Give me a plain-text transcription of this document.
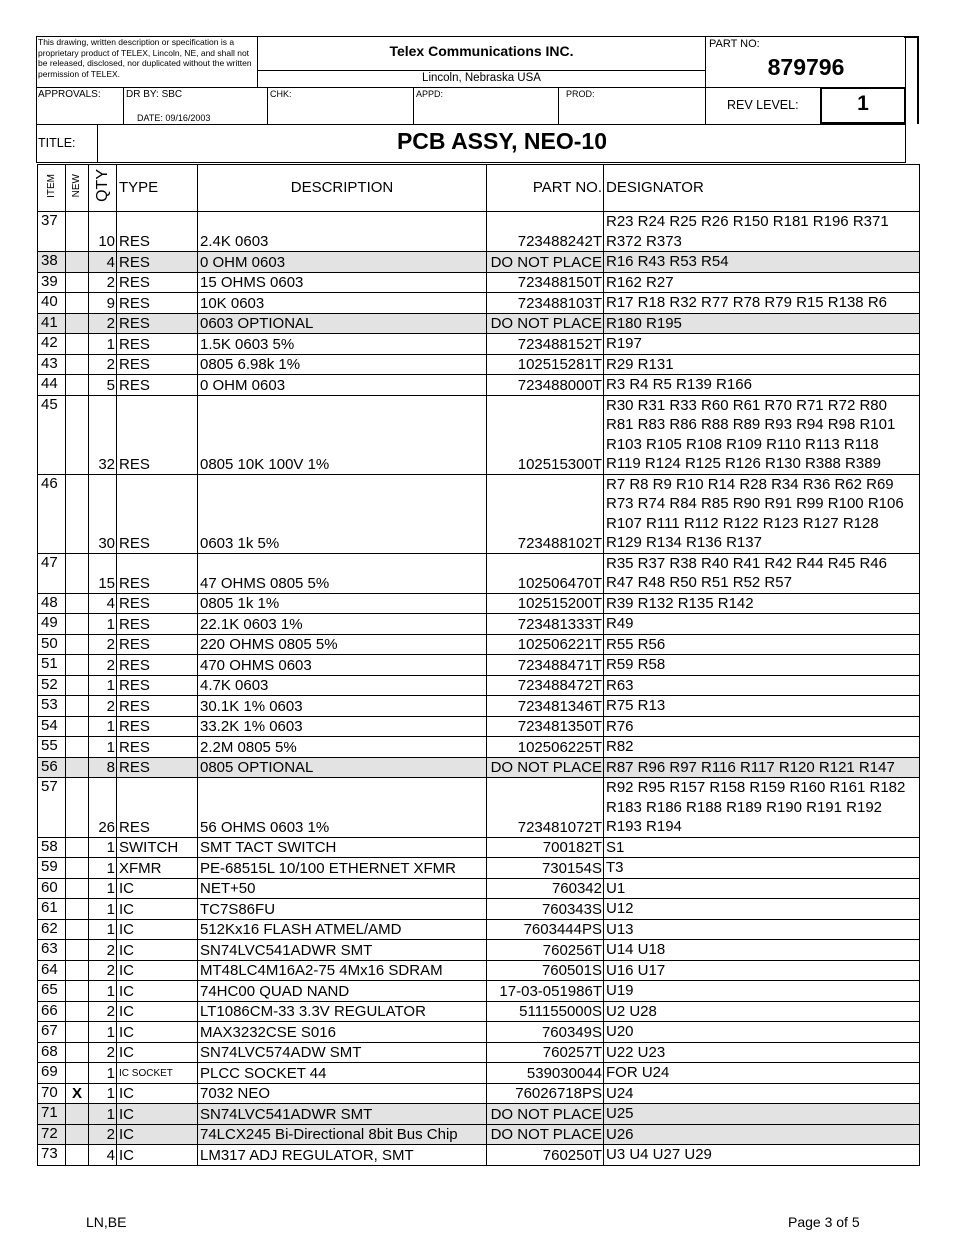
This drawing, written description or specification is a proprietary product of TELEX, Lincoln, NE, and shall not be released, disclosed, nor duplicated without the written permission of TELEX.
Telex Communications INC.
Lincoln, Nebraska USA
PART NO:
879796
APPROVALS:	DR BY: SBC
DATE: 09/16/2003
CHK:	APPD:	PROD:
REV LEVEL:	1
TITLE:	PCB ASSY, NEO-10
ITEM	NEW	QTY	TYPE	DESCRIPTION	PART NO.	DESIGNATOR
37		10	RES	2.4K 0603	723488242T	R23 R24 R25 R26 R150 R181 R196 R371 R372 R373
38		4	RES	0 OHM 0603	DO NOT PLACE	R16 R43 R53 R54
39		2	RES	15 OHMS 0603	723488150T	R162 R27
40		9	RES	10K 0603	723488103T	R17 R18 R32 R77 R78 R79 R15 R138 R6
41		2	RES	0603 OPTIONAL	DO NOT PLACE	R180 R195
42		1	RES	1.5K 0603 5%	723488152T	R197
43		2	RES	0805 6.98k 1%	102515281T	R29 R131
44		5	RES	0 OHM 0603	723488000T	R3 R4 R5 R139 R166
45		32	RES	0805 10K 100V 1%	102515300T	R30 R31 R33 R60 R61 R70 R71 R72 R80 R81 R83 R86 R88 R89 R93 R94 R98 R101 R103 R105 R108 R109 R110 R113 R118 R119 R124 R125 R126 R130 R388 R389
46		30	RES	0603 1k 5%	723488102T	R7 R8 R9 R10 R14 R28 R34 R36 R62 R69 R73 R74 R84 R85 R90 R91 R99 R100 R106 R107 R111 R112 R122 R123 R127 R128 R129 R134 R136 R137
47		15	RES	47 OHMS 0805 5%	102506470T	R35 R37 R38 R40 R41 R42 R44 R45 R46 R47 R48 R50 R51 R52 R57
48		4	RES	0805 1k 1%	102515200T	R39 R132 R135 R142
49		1	RES	22.1K 0603 1%	723481333T	R49
50		2	RES	220 OHMS 0805 5%	102506221T	R55 R56
51		2	RES	470 OHMS 0603	723488471T	R59 R58
52		1	RES	4.7K 0603	723488472T	R63
53		2	RES	30.1K 1% 0603	723481346T	R75 R13
54		1	RES	33.2K 1% 0603	723481350T	R76
55		1	RES	2.2M 0805 5%	102506225T	R82
56		8	RES	0805 OPTIONAL	DO NOT PLACE	R87 R96 R97 R116 R117 R120 R121 R147
57		26	RES	56 OHMS 0603 1%	723481072T	R92 R95 R157 R158 R159 R160 R161 R182 R183 R186 R188 R189 R190 R191 R192 R193 R194
58		1	SWITCH	SMT TACT SWITCH	700182T	S1
59		1	XFMR	PE-68515L 10/100 ETHERNET XFMR	730154S	T3
60		1	IC	NET+50	760342	U1
61		1	IC	TC7S86FU	760343S	U12
62		1	IC	512Kx16 FLASH ATMEL/AMD	7603444PS	U13
63		2	IC	SN74LVC541ADWR SMT	760256T	U14 U18
64		2	IC	MT48LC4M16A2-75 4Mx16 SDRAM	760501S	U16 U17
65		1	IC	74HC00 QUAD NAND	17-03-051986T	U19
66		2	IC	LT1086CM-33 3.3V REGULATOR	511155000S	U2 U28
67		1	IC	MAX3232CSE S016	760349S	U20
68		2	IC	SN74LVC574ADW SMT	760257T	U22 U23
69		1	IC SOCKET	PLCC SOCKET 44	539030044	FOR U24
70	X	1	IC	7032 NEO	76026718PS	U24
71		1	IC	SN74LVC541ADWR SMT	DO NOT PLACE	U25
72		2	IC	74LCX245 Bi-Directional 8bit Bus Chip	DO NOT PLACE	U26
73		4	IC	LM317 ADJ REGULATOR, SMT	760250T	U3 U4 U27 U29
LN,BE	Page 3 of 5
